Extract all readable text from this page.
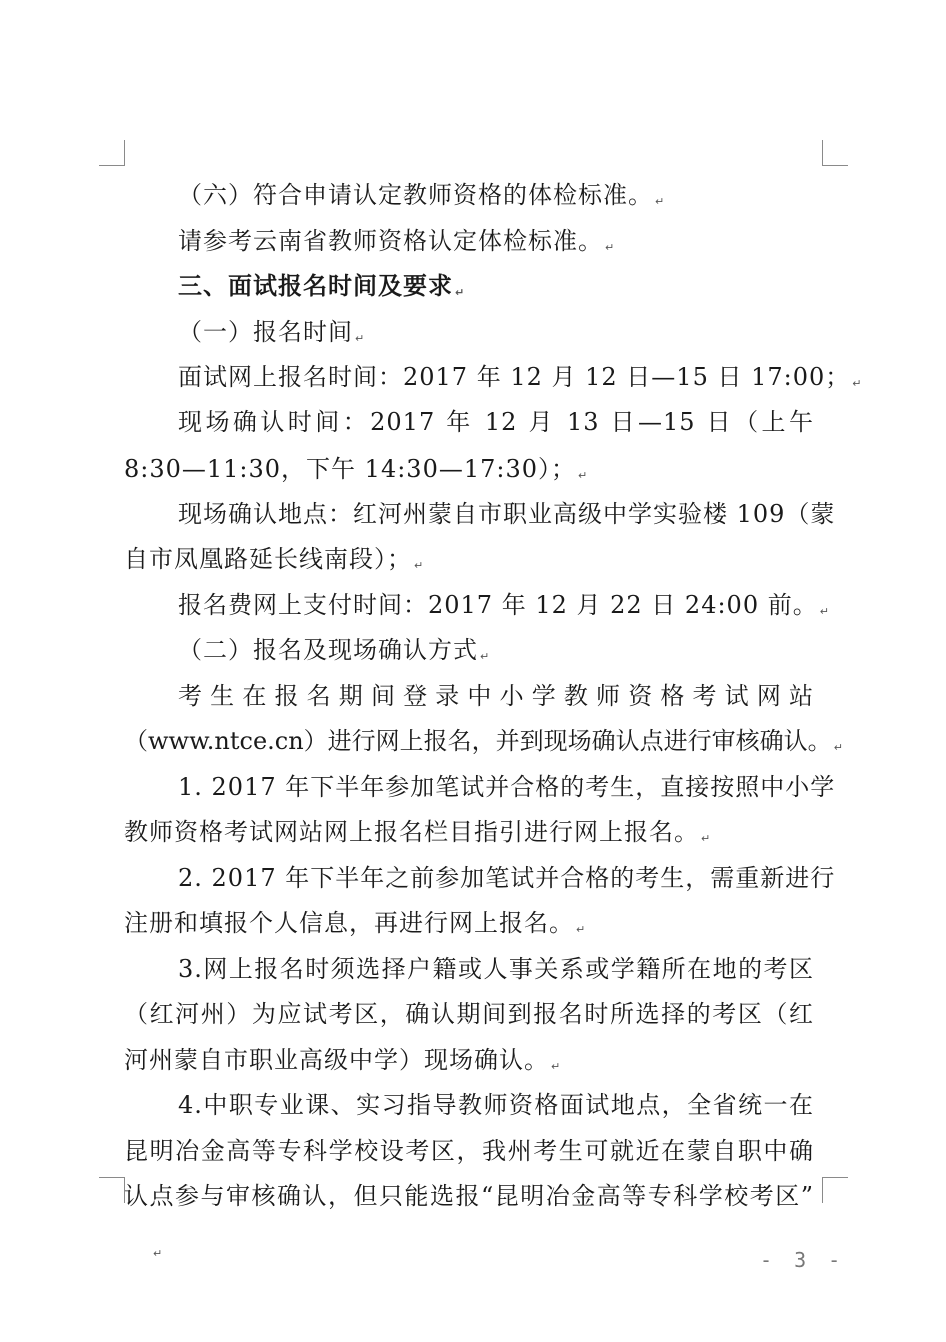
（六）符合申请认定教师资格的体检标准。 ↵
请参考云南省教师资格认定体检标准。 ↵
三、面试报名时间及要求 ↵
（一）报名时间 ↵
面试网上报名时间：2017 年 12 月 12 日—15 日 17:00； ↵
现场确认时间：2017 年 12 月 13 日—15 日（上午
8:30—11:30，下午 14:30—17:30）； ↵
现场确认地点：红河州蒙自市职业高级中学实验楼 109（蒙
自市凤凰路延长线南段）； ↵
报名费网上支付时间：2017 年 12 月 22 日 24:00 前。 ↵
（二）报名及现场确认方式 ↵
考生在报名期间登录中小学教师资格考试网站
（www.ntce.cn）进行网上报名，并到现场确认点进行审核确认。 ↵
1. 2017 年下半年参加笔试并合格的考生，直接按照中小学
教师资格考试网站网上报名栏目指引进行网上报名。 ↵
2. 2017 年下半年之前参加笔试并合格的考生，需重新进行
注册和填报个人信息，再进行网上报名。 ↵
3.网上报名时须选择户籍或人事关系或学籍所在地的考区
（红河州）为应试考区，确认期间到报名时所选择的考区（红
河州蒙自市职业高级中学）现场确认。 ↵
4.中职专业课、实习指导教师资格面试地点，全省统一在
昆明冶金高等专科学校设考区，我州考生可就近在蒙自职中确
认点参与审核确认，但只能选报“昆明冶金高等专科学校考区”
↵	- 3 -
